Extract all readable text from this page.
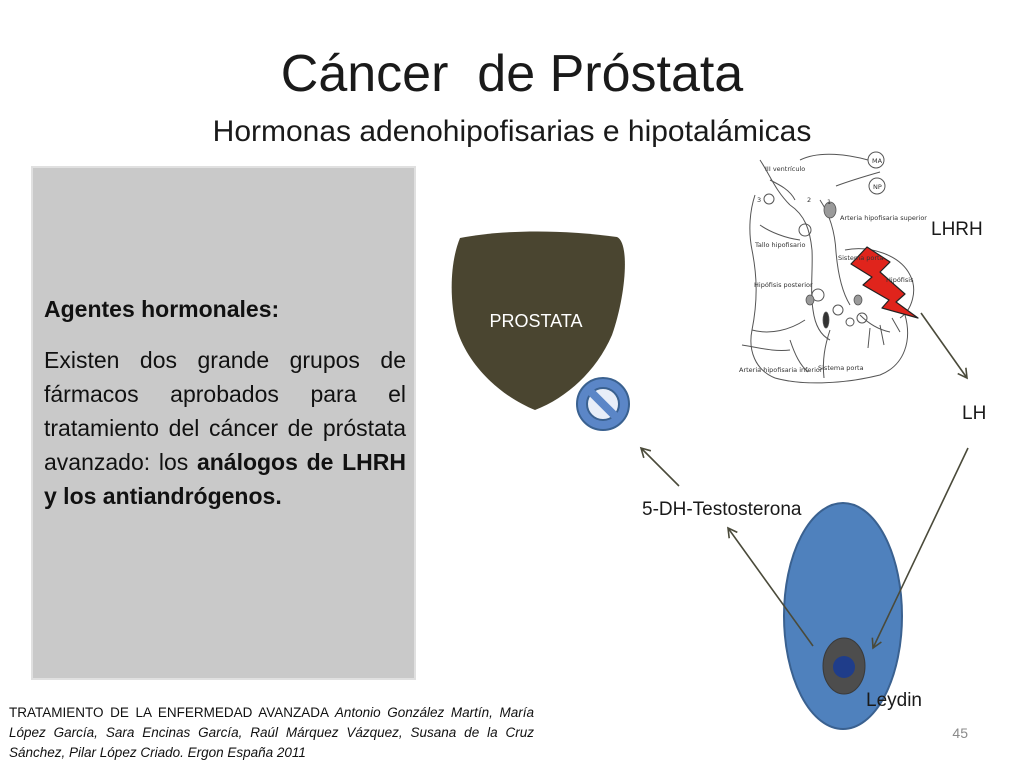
Cáncer  de Próstata
Hormonas adenohipofisarias e hipotalámicas
Agentes hormonales:
Existen dos grande grupos de fármacos aprobados para el tratamiento del cáncer de próstata avanzado: los análogos de LHRH y los antiandrógenos.
III ventrículo
MA
NP
3	2 1
Arteria hipofisaria superior
Tallo hipofisario
Sistema porta
Hipófisis posterior
Hipófisis
Sistema porta
Arteria hipofisaria inferior
PROSTATA
LHRH
LH
5-DH-Testosterona
Leydin
TRATAMIENTO DE LA ENFERMEDAD AVANZADA Antonio González Martín, María López García, Sara Encinas García, Raúl Márquez Vázquez, Susana de la Cruz Sánchez, Pilar López Criado. Ergon España 2011
45
